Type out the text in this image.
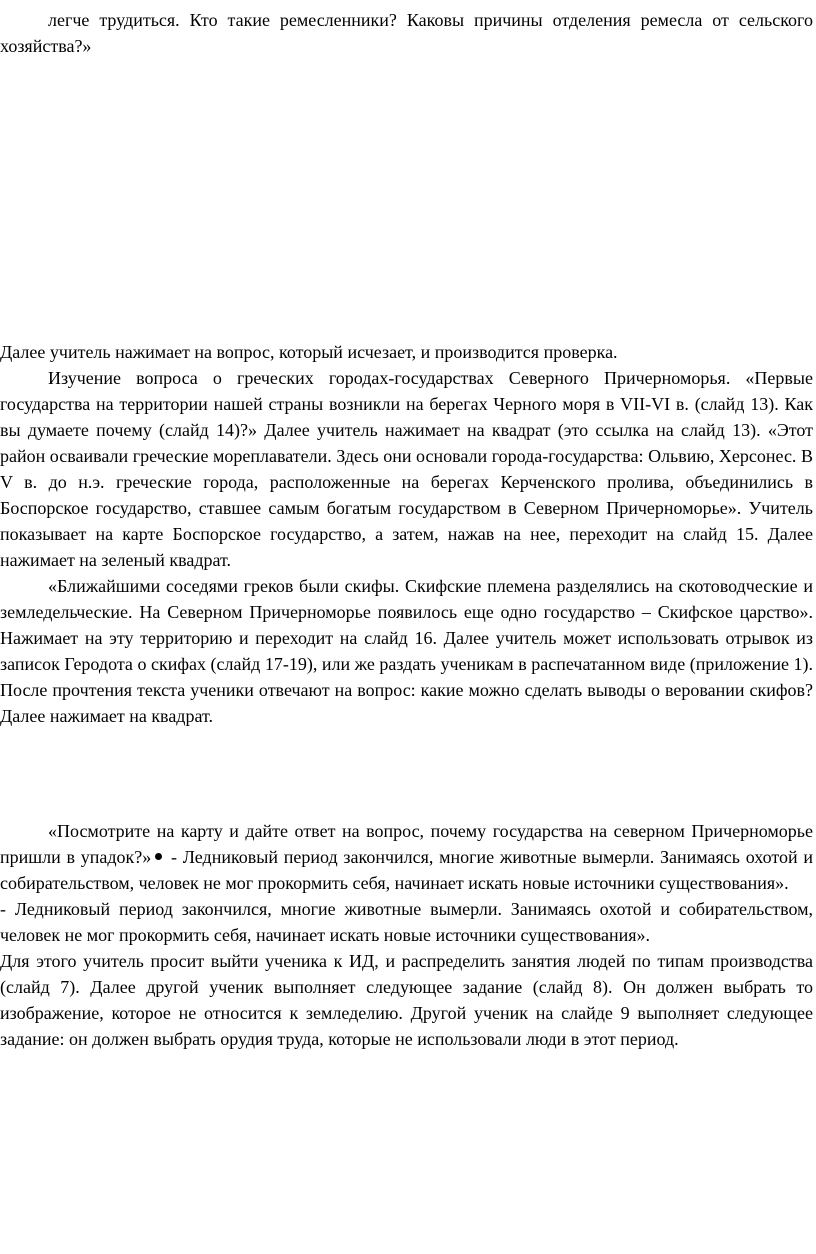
легче трудиться. Кто такие ремесленники? Каковы причины отделения ремесла от сельского хозяйства?»

Далее учитель нажимает на вопрос, который исчезает, и производится проверка.

Изучение вопроса о греческих городах-государствах Северного Причерноморья. «Первые государства на территории нашей страны возникли на берегах Черного моря в VII-VI в. (слайд 13). Как вы думаете почему (слайд 14)?» Далее учитель нажимает на квадрат (это ссылка на слайд 13). «Этот район осваивали греческие мореплаватели. Здесь они основали города-государства: Ольвию, Херсонес. В V в. до н.э. греческие города, расположенные на берегах Керченского пролива, объединились в Боспорское государство, ставшее самым богатым государством в Северном Причерноморье». Учитель показывает на карте Боспорское государство, а затем, нажав на нее, переходит на слайд 15. Далее нажимает на зеленый квадрат.

«Ближайшими соседями греков были скифы. Скифские племена разделялись на скотоводческие и земледельческие. На Северном Причерноморье появилось еще одно государство – Скифское царство». Нажимает на эту территорию и переходит на слайд 16. Далее учитель может использовать отрывок из записок Геродота о скифах (слайд 17-19), или же раздать ученикам в распечатанном виде (приложение 1). После прочтения текста ученики отвечают на вопрос: какие можно сделать выводы о веровании скифов? Далее нажимает на квадрат.

«Посмотрите на карту и дайте ответ на вопрос, почему государства на северном Причерноморье пришли в упадок?» - Ледниковый период закончился, многие животные вымерли. Занимаясь охотой и собирательством, человек не мог прокормить себя, начинает искать новые источники существования».

- Ледниковый период закончился, многие животные вымерли. Занимаясь охотой и собирательством, человек не мог прокормить себя, начинает искать новые источники существования».

Для этого учитель просит выйти ученика к ИД, и распределить занятия людей по типам производства (слайд 7). Далее другой ученик выполняет следующее задание (слайд 8). Он должен выбрать то изображение, которое не относится к земледелию. Другой ученик на слайде 9 выполняет следующее задание: он должен выбрать орудия труда, которые не использовали люди в этот период.
